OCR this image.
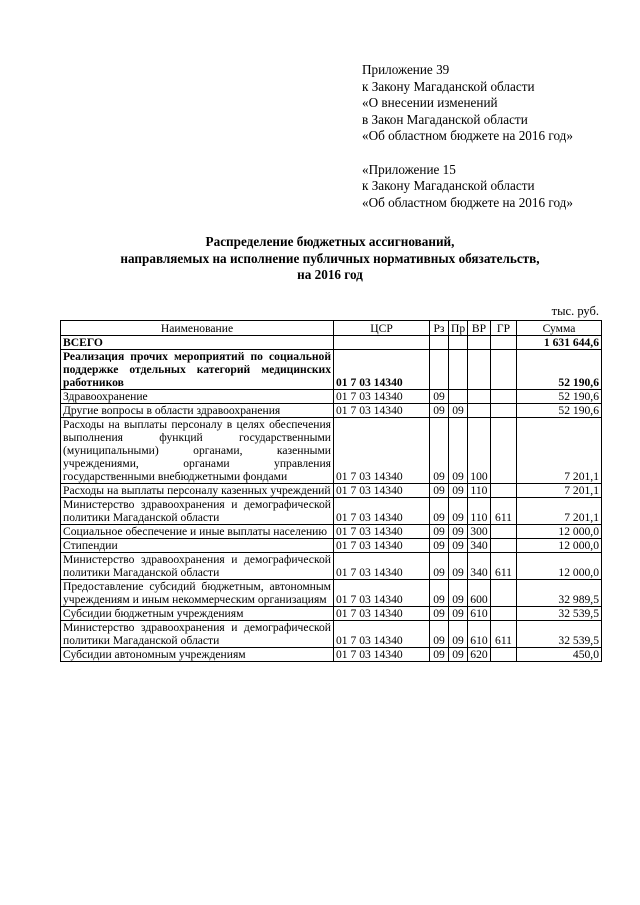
Приложение 39
к Закону Магаданской области
«О внесении изменений
в Закон Магаданской области
«Об областном бюджете на 2016 год»
«Приложение 15
к Закону Магаданской области
«Об областном бюджете на 2016 год»
Распределение бюджетных ассигнований,
направляемых на исполнение публичных нормативных обязательств,
на 2016 год
тыс. руб.
Наименование	ЦСР	Рз	Пр	ВР	ГР	Сумма
ВСЕГО						1 631 644,6
Реализация прочих мероприятий по социальной поддержке отдельных категорий медицинских работников	01 7 03 14340					52 190,6
Здравоохранение	01 7 03 14340	09				52 190,6
Другие вопросы в области здравоохранения	01 7 03 14340	09	09			52 190,6
Расходы на выплаты персоналу в целях обеспечения выполнения функций государственными (муниципальными) органами, казенными учреждениями, органами управления государственными внебюджетными фондами	01 7 03 14340	09	09	100		7 201,1
Расходы на выплаты персоналу казенных учреждений	01 7 03 14340	09	09	110		7 201,1
Министерство здравоохранения и демографической политики Магаданской области	01 7 03 14340	09	09	110	611	7 201,1
Социальное обеспечение и иные выплаты населению	01 7 03 14340	09	09	300		12 000,0
Стипендии	01 7 03 14340	09	09	340		12 000,0
Министерство здравоохранения и демографической политики Магаданской области	01 7 03 14340	09	09	340	611	12 000,0
Предоставление субсидий бюджетным, автономным учреждениям и иным некоммерческим организациям	01 7 03 14340	09	09	600		32 989,5
Субсидии бюджетным учреждениям	01 7 03 14340	09	09	610		32 539,5
Министерство здравоохранения и демографической политики Магаданской области	01 7 03 14340	09	09	610	611	32 539,5
Субсидии автономным учреждениям	01 7 03 14340	09	09	620		450,0
